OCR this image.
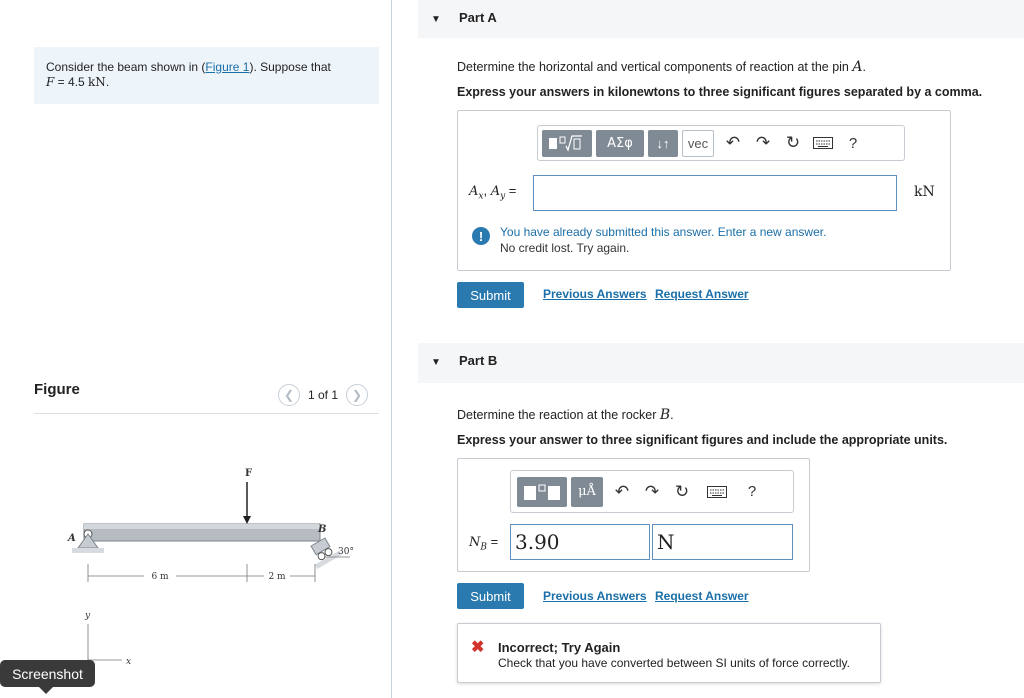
Consider the beam shown in (Figure 1). Suppose that
F = 4.5 kN.
Figure	❮	1 of 1	❯
F
A
B
30°
6 m	2 m
y
x
Screenshot
▼ Part A
Determine the horizontal and vertical components of reaction at the pin A.
Express your answers in kilonewtons to three significant figures separated by a comma.
ΑΣφ	↓↑	vec	↶ ↷ ↻	?
$A_x$, $A_y$ =	kN
!	You have already submitted this answer. Enter a new answer.
No credit lost. Try again.
Submit	Previous Answers Request Answer
▼ Part B
Determine the reaction at the rocker B.
Express your answer to three significant figures and include the appropriate units.
μÅ	↶ ↷ ↻	?
$N_B = 3.90$	N
Submit	Previous Answers Request Answer
✖ Incorrect; Try Again
Check that you have converted between SI units of force correctly.
